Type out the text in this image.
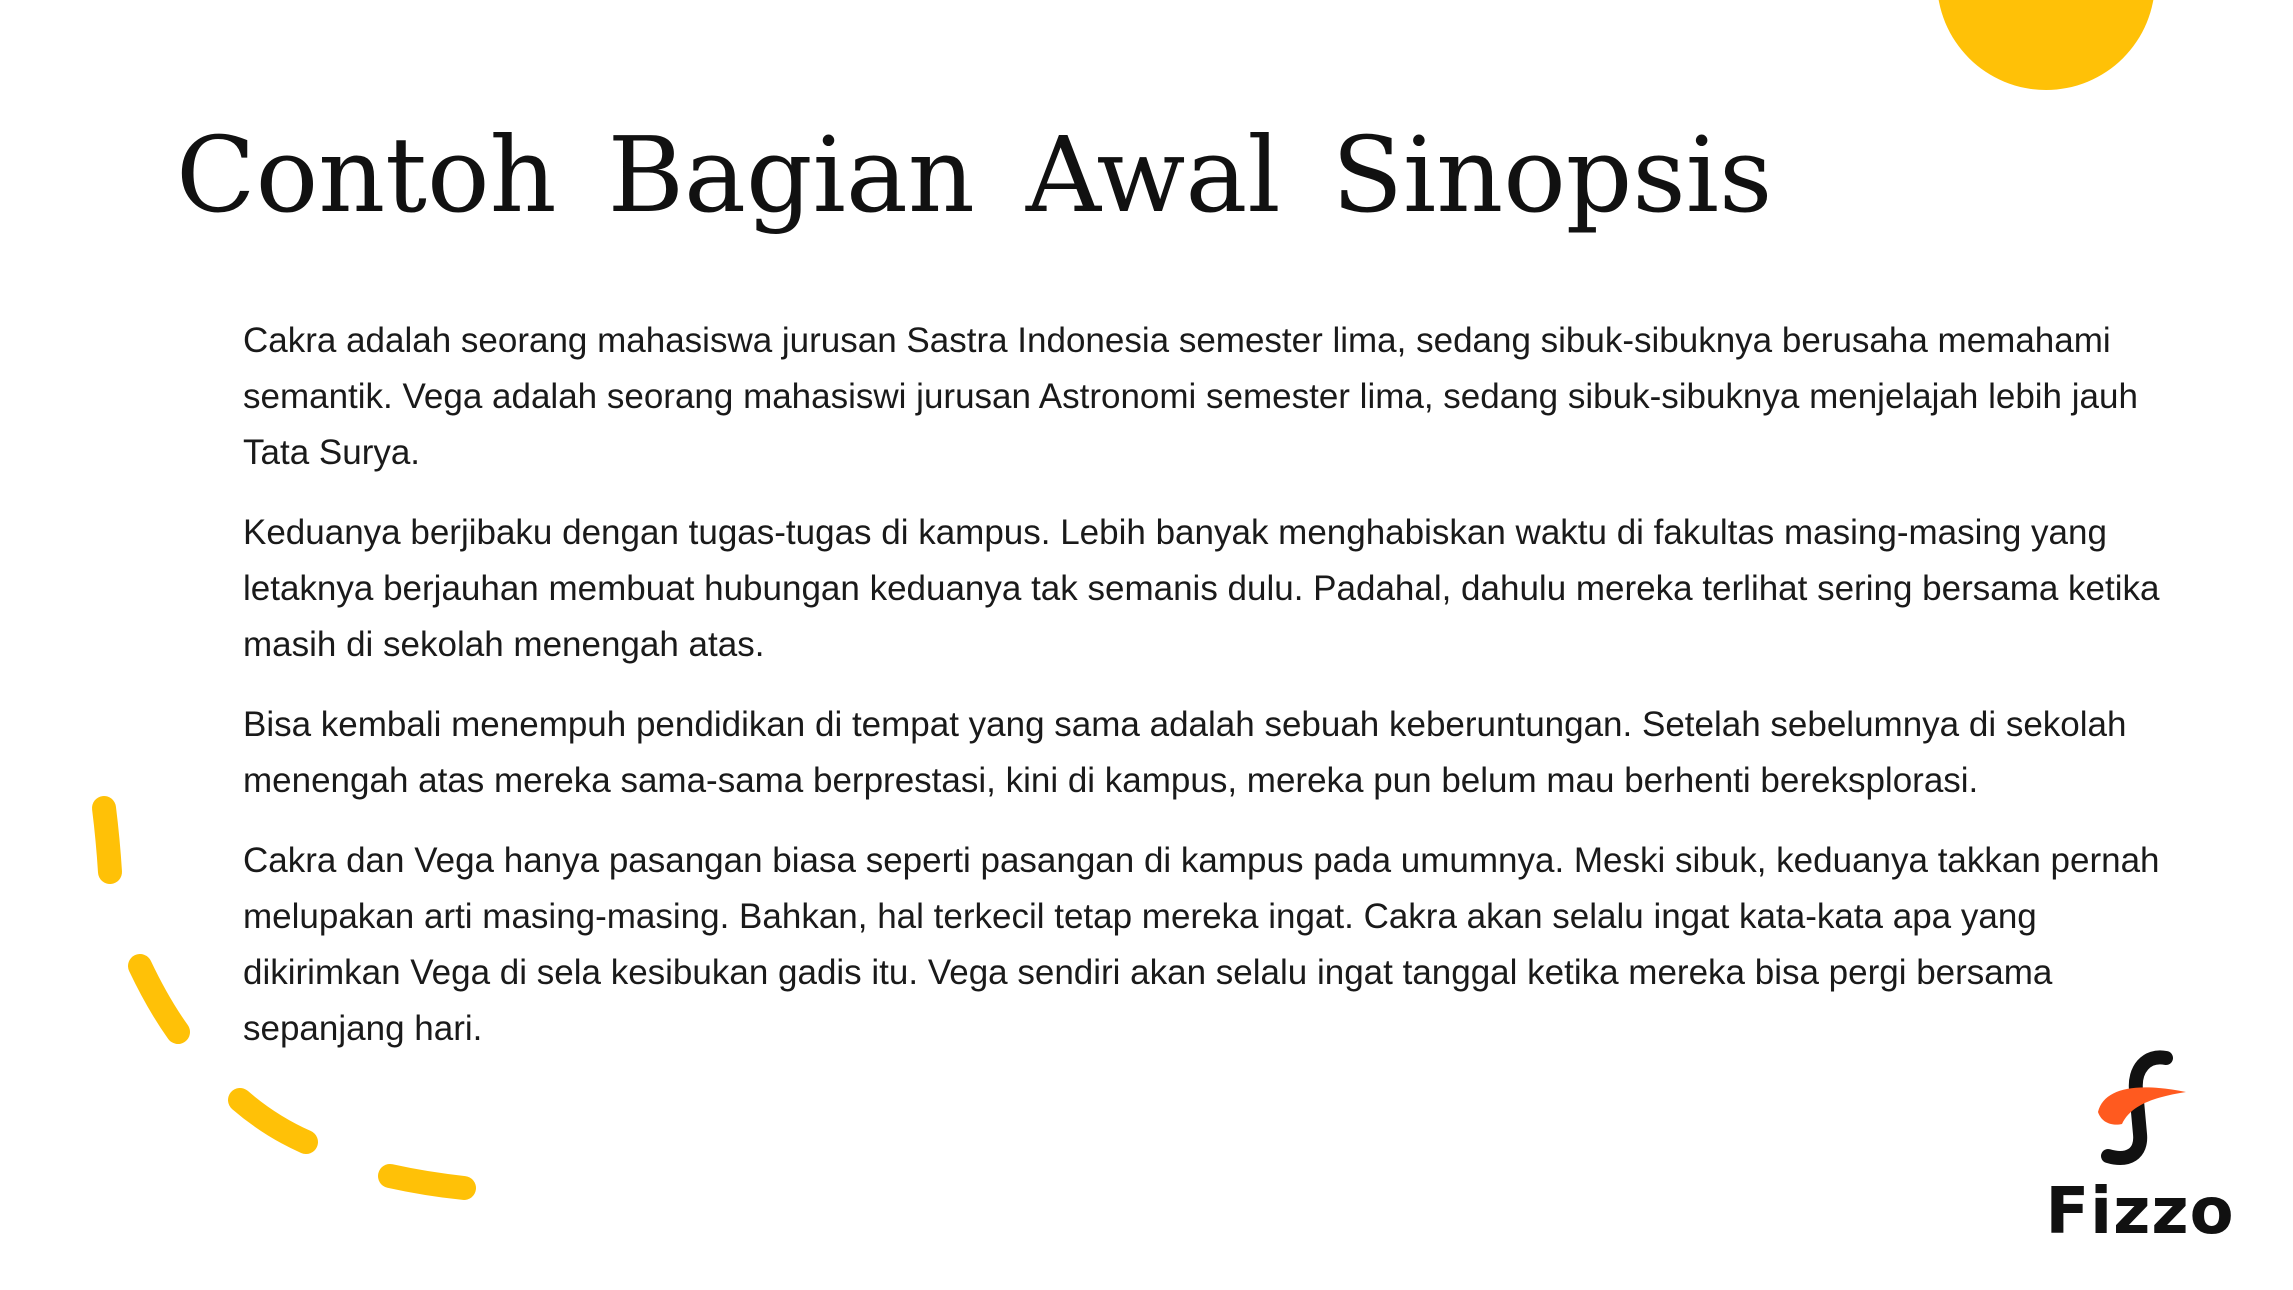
Contoh Bagian Awal Sinopsis

Cakra adalah seorang mahasiswa jurusan Sastra Indonesia semester lima, sedang sibuk-sibuknya berusaha memahami semantik. Vega adalah seorang mahasiswi jurusan Astronomi semester lima, sedang sibuk-sibuknya menjelajah lebih jauh Tata Surya.

Keduanya berjibaku dengan tugas-tugas di kampus. Lebih banyak menghabiskan waktu di fakultas masing-masing yang letaknya berjauhan membuat hubungan keduanya tak semanis dulu. Padahal, dahulu mereka terlihat sering bersama ketika masih di sekolah menengah atas.

Bisa kembali menempuh pendidikan di tempat yang sama adalah sebuah keberuntungan. Setelah sebelumnya di sekolah menengah atas mereka sama-sama berprestasi, kini di kampus, mereka pun belum mau berhenti bereksplorasi.

Cakra dan Vega hanya pasangan biasa seperti pasangan di kampus pada umumnya. Meski sibuk, keduanya takkan pernah melupakan arti masing-masing. Bahkan, hal terkecil tetap mereka ingat. Cakra akan selalu ingat kata-kata apa yang dikirimkan Vega di sela kesibukan gadis itu. Vega sendiri akan selalu ingat tanggal ketika mereka bisa pergi bersama sepanjang hari.

Fizzo
